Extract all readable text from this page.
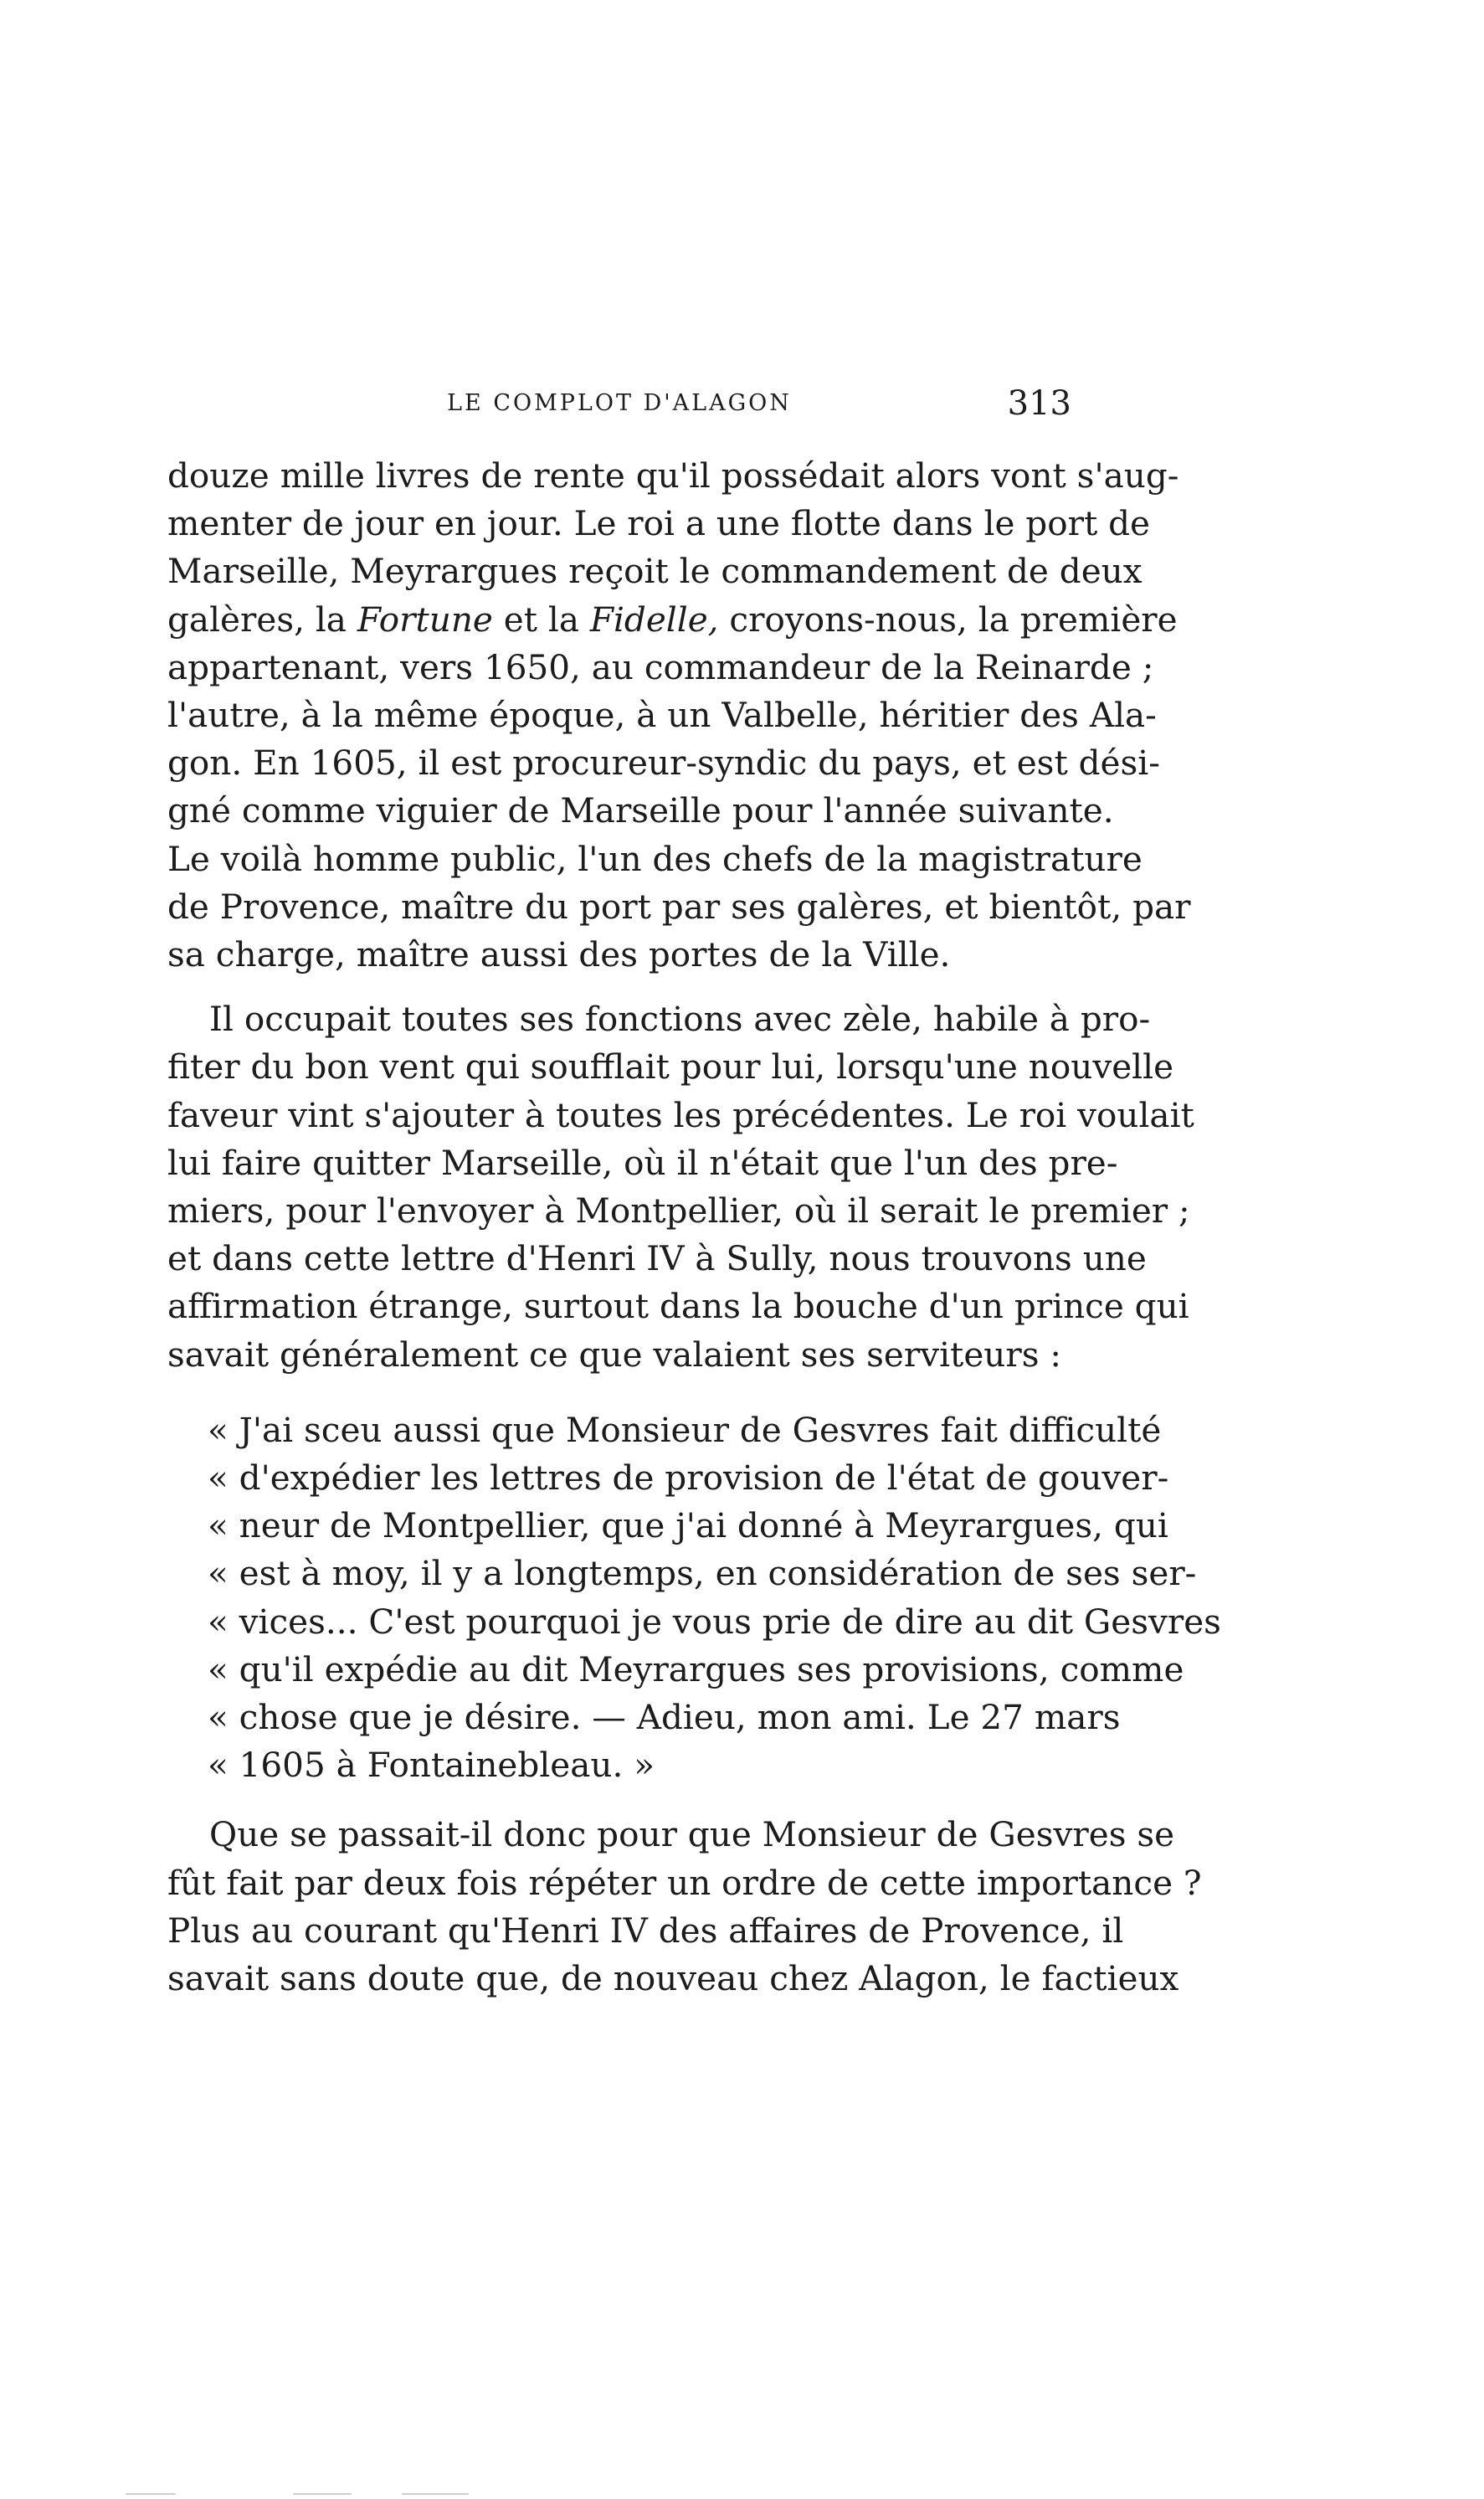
LE COMPLOT D'ALAGON	313

douze mille livres de rente qu'il possédait alors vont s'aug-
menter de jour en jour. Le roi a une flotte dans le port de
Marseille, Meyrargues reçoit le commandement de deux
galères, la Fortune et la Fidelle, croyons-nous, la première
appartenant, vers 1650, au commandeur de la Reinarde ;
l'autre, à la même époque, à un Valbelle, héritier des Ala-
gon. En 1605, il est procureur-syndic du pays, et est dési-
gné comme viguier de Marseille pour l'année suivante.
Le voilà homme public, l'un des chefs de la magistrature
de Provence, maître du port par ses galères, et bientôt, par
sa charge, maître aussi des portes de la Ville.

Il occupait toutes ses fonctions avec zèle, habile à pro-
fiter du bon vent qui soufflait pour lui, lorsqu'une nouvelle
faveur vint s'ajouter à toutes les précédentes. Le roi voulait
lui faire quitter Marseille, où il n'était que l'un des pre-
miers, pour l'envoyer à Montpellier, où il serait le premier ;
et dans cette lettre d'Henri IV à Sully, nous trouvons une
affirmation étrange, surtout dans la bouche d'un prince qui
savait généralement ce que valaient ses serviteurs :

« J'ai sceu aussi que Monsieur de Gesvres fait difficulté
« d'expédier les lettres de provision de l'état de gouver-
« neur de Montpellier, que j'ai donné à Meyrargues, qui
« est à moy, il y a longtemps, en considération de ses ser-
« vices... C'est pourquoi je vous prie de dire au dit Gesvres
« qu'il expédie au dit Meyrargues ses provisions, comme
« chose que je désire. — Adieu, mon ami. Le 27 mars
« 1605 à Fontainebleau. »

Que se passait-il donc pour que Monsieur de Gesvres se
fût fait par deux fois répéter un ordre de cette importance ?
Plus au courant qu'Henri IV des affaires de Provence, il
savait sans doute que, de nouveau chez Alagon, le factieux
